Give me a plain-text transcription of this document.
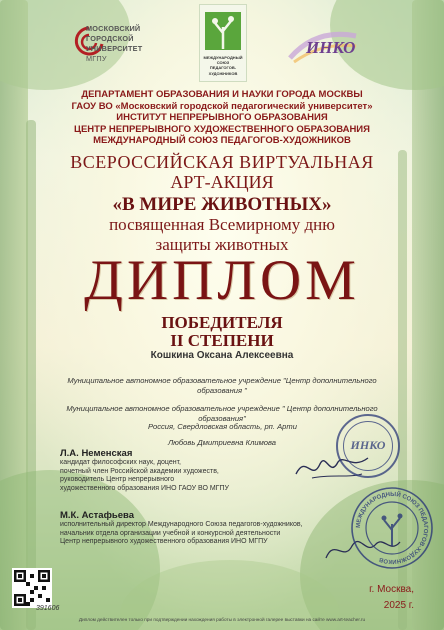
МОСКОВСКИЙ
ГОРОДСКОЙ
УНИВЕРСИТЕТ
МГПУ	МЕЖДУНАРОДНЫЙ
СОЮЗ
ПЕДАГОГОВ-
ХУДОЖНИКОВ
ИНКО
ДЕПАРТАМЕНТ ОБРАЗОВАНИЯ И НАУКИ ГОРОДА МОСКВЫ
ГАОУ ВО «Московский городской педагогический университет»
ИНСТИТУТ НЕПРЕРЫВНОГО ОБРАЗОВАНИЯ
ЦЕНТР НЕПРЕРЫВНОГО ХУДОЖЕСТВЕННОГО ОБРАЗОВАНИЯ
МЕЖДУНАРОДНЫЙ СОЮЗ ПЕДАГОГОВ-ХУДОЖНИКОВ
ВСЕРОССИЙСКАЯ ВИРТУАЛЬНАЯ
АРТ-АКЦИЯ
«В МИРЕ ЖИВОТНЫХ»
посвященная Всемирному дню
защиты животных
ДИПЛОМ
ПОБЕДИТЕЛЯ
II СТЕПЕНИ
Кошкина Оксана Алексеевна
Муниципальное автономное образовательное учреждение "Центр дополнительного
образования "
Муниципальное автономное образовательное учреждение " Центр дополнительного
образования"
Россия, Свердловская область, рп. Арти
Любовь Дмитриевна Климова
Л.А. Неменская
кандидат философских наук, доцент,
почетный член Российской академии художеств,
руководитель Центр непрерывного
художественного образования ИНО ГАОУ ВО МГПУ
М.К. Астафьева
исполнительный директор Международного Союза педагогов-художников,
начальник отдела организации учебной и конкурсной деятельности
Центр непрерывного художественного образования ИНО МГПУ
ИНКО
МЕЖДУНАРОДНЫЙ СОЮЗ ПЕДАГОГОВ-ХУДОЖНИКОВ
391606
г. Москва,
2025 г.
Диплом действителен только при подтверждении нахождения работы в электронной галерее выставки на сайте www.art-teacher.ru
